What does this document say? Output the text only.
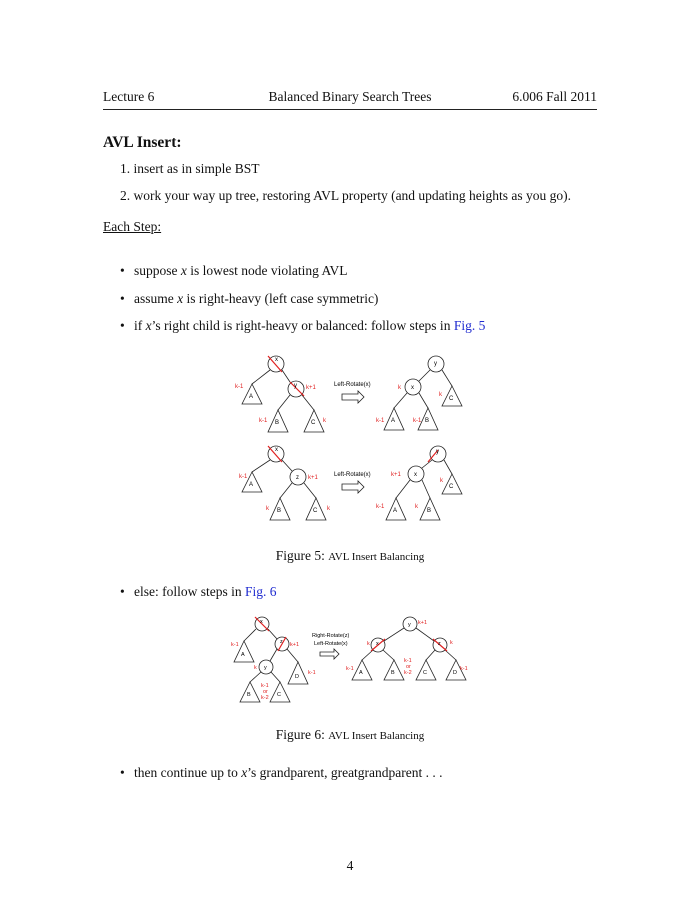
Lecture 6	Balanced Binary Search Trees	6.006 Fall 2011
AVL Insert:
1. insert as in simple BST
2. work your way up tree, restoring AVL property (and updating heights as you go).
Each Step:
• suppose x is lowest node violating AVL
• assume x is right-heavy (left case symmetric)
• if x’s right child is right-heavy or balanced: follow steps in Fig. 5
x
y
y
x
x
z
y
x
A
B	C	A	B
C
A
B	C	A	B
C
k-1	k+1
k-1	k
k
k
k-1	k-1
k-1	k+1
k	k
k+1
k
k-1	k
Left-Rotate(x)
Left-Rotate(x)
Figure 5: AVL Insert Balancing
• else: follow steps in Fig. 6
x
z
y
y
x	z
A
D
B	C
A	B	C	D
k-1	k+1
k-1
k
k-1
or
k-2
k+1
k	k
k-1	k-1
k-1
or
k-2
Right-Rotate(z)
Left-Rotate(x)
Figure 6: AVL Insert Balancing
• then continue up to x’s grandparent, greatgrandparent . . .
4
